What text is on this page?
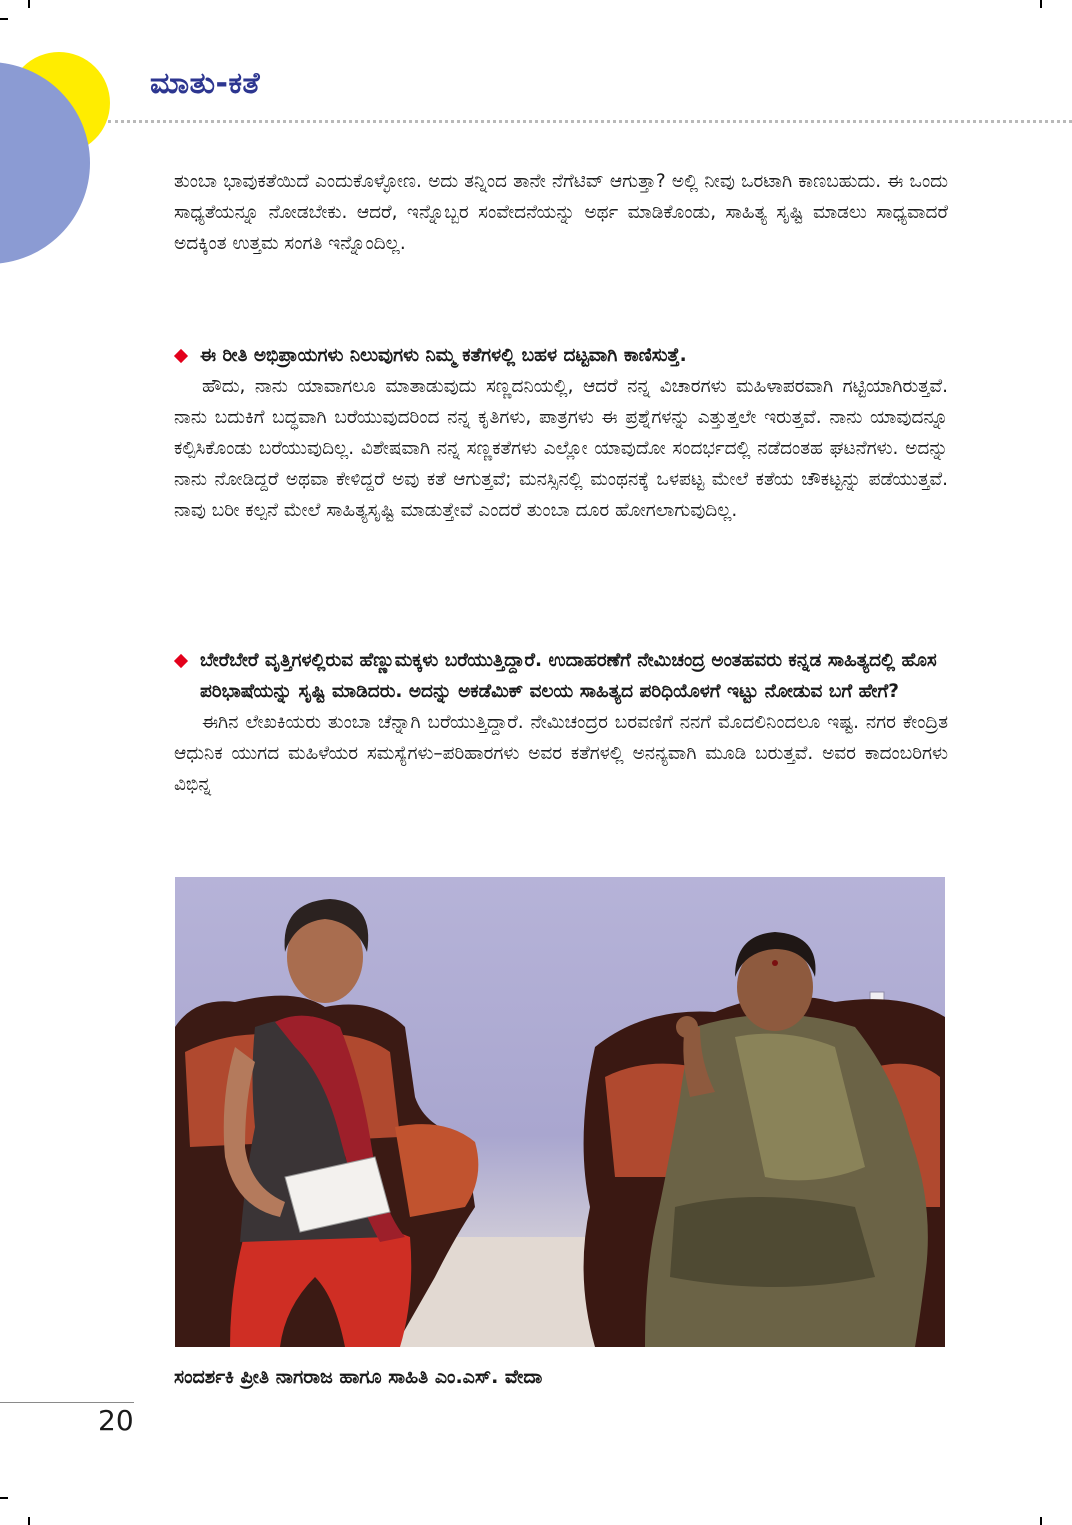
ಮಾತು-ಕತೆ

ತುಂಬಾ ಭಾವುಕತೆಯಿದೆ ಎಂದುಕೊಳ್ಳೋಣ. ಅದು ತನ್ನಿಂದ ತಾನೇ ನೆಗೆಟಿವ್ ಆಗುತ್ತಾ? ಅಲ್ಲಿ ನೀವು ಒರಟಾಗಿ ಕಾಣಬಹುದು. ಈ ಒಂದು ಸಾಧ್ಯತೆಯನ್ನೂ ನೋಡಬೇಕು. ಆದರೆ, ಇನ್ನೊಬ್ಬರ ಸಂವೇದನೆಯನ್ನು ಅರ್ಥ ಮಾಡಿಕೊಂಡು, ಸಾಹಿತ್ಯ ಸೃಷ್ಟಿ ಮಾಡಲು ಸಾಧ್ಯವಾದರೆ ಅದಕ್ಕಿಂತ ಉತ್ತಮ ಸಂಗತಿ ಇನ್ನೊಂದಿಲ್ಲ.

ಈ ರೀತಿ ಅಭಿಪ್ರಾಯಗಳು ನಿಲುವುಗಳು ನಿಮ್ಮ ಕತೆಗಳಲ್ಲಿ ಬಹಳ ದಟ್ಟವಾಗಿ ಕಾಣಿಸುತ್ತೆ.

ಹೌದು, ನಾನು ಯಾವಾಗಲೂ ಮಾತಾಡುವುದು ಸಣ್ಣದನಿಯಲ್ಲಿ, ಆದರೆ ನನ್ನ ವಿಚಾರಗಳು ಮಹಿಳಾಪರವಾಗಿ ಗಟ್ಟಿಯಾಗಿರುತ್ತವೆ. ನಾನು ಬದುಕಿಗೆ ಬದ್ಧವಾಗಿ ಬರೆಯುವುದರಿಂದ ನನ್ನ ಕೃತಿಗಳು, ಪಾತ್ರಗಳು ಈ ಪ್ರಶ್ನೆಗಳನ್ನು ಎತ್ತುತ್ತಲೇ ಇರುತ್ತವೆ. ನಾನು ಯಾವುದನ್ನೂ ಕಲ್ಪಿಸಿಕೊಂಡು ಬರೆಯುವುದಿಲ್ಲ. ವಿಶೇಷವಾಗಿ ನನ್ನ ಸಣ್ಣಕತೆಗಳು ಎಲ್ಲೋ ಯಾವುದೋ ಸಂದರ್ಭದಲ್ಲಿ ನಡೆದಂತಹ ಘಟನೆಗಳು. ಅದನ್ನು ನಾನು ನೋಡಿದ್ದರೆ ಅಥವಾ ಕೇಳಿದ್ದರೆ ಅವು ಕತೆ ಆಗುತ್ತವೆ; ಮನಸ್ಸಿನಲ್ಲಿ ಮಂಥನಕ್ಕೆ ಒಳಪಟ್ಟ ಮೇಲೆ ಕತೆಯ ಚೌಕಟ್ಟನ್ನು ಪಡೆಯುತ್ತವೆ. ನಾವು ಬರೀ ಕಲ್ಪನೆ ಮೇಲೆ ಸಾಹಿತ್ಯಸೃಷ್ಟಿ ಮಾಡುತ್ತೇವೆ ಎಂದರೆ ತುಂಬಾ ದೂರ ಹೋಗಲಾಗುವುದಿಲ್ಲ.

ಬೇರೆಬೇರೆ ವೃತ್ತಿಗಳಲ್ಲಿರುವ ಹೆಣ್ಣುಮಕ್ಕಳು ಬರೆಯುತ್ತಿದ್ದಾರೆ. ಉದಾಹರಣೆಗೆ ನೇಮಿಚಂದ್ರ ಅಂತಹವರು ಕನ್ನಡ ಸಾಹಿತ್ಯದಲ್ಲಿ ಹೊಸ ಪರಿಭಾಷೆಯನ್ನು ಸೃಷ್ಟಿ ಮಾಡಿದರು. ಅದನ್ನು ಅಕಡೆಮಿಕ್ ವಲಯ ಸಾಹಿತ್ಯದ ಪರಿಧಿಯೊಳಗೆ ಇಟ್ಟು ನೋಡುವ ಬಗೆ ಹೇಗೆ?

ಈಗಿನ ಲೇಖಕಿಯರು ತುಂಬಾ ಚೆನ್ನಾಗಿ ಬರೆಯುತ್ತಿದ್ದಾರೆ. ನೇಮಿಚಂದ್ರರ ಬರವಣಿಗೆ ನನಗೆ ಮೊದಲಿನಿಂದಲೂ ಇಷ್ಟ. ನಗರ ಕೇಂದ್ರಿತ ಆಧುನಿಕ ಯುಗದ ಮಹಿಳೆಯರ ಸಮಸ್ಯೆಗಳು–ಪರಿಹಾರಗಳು ಅವರ ಕತೆಗಳಲ್ಲಿ ಅನನ್ಯವಾಗಿ ಮೂಡಿ ಬರುತ್ತವೆ. ಅವರ ಕಾದಂಬರಿಗಳು ವಿಭಿನ್ನ

ಸಂದರ್ಶಕಿ ಪ್ರೀತಿ ನಾಗರಾಜ ಹಾಗೂ ಸಾಹಿತಿ ಎಂ.ಎಸ್. ವೇದಾ
20
